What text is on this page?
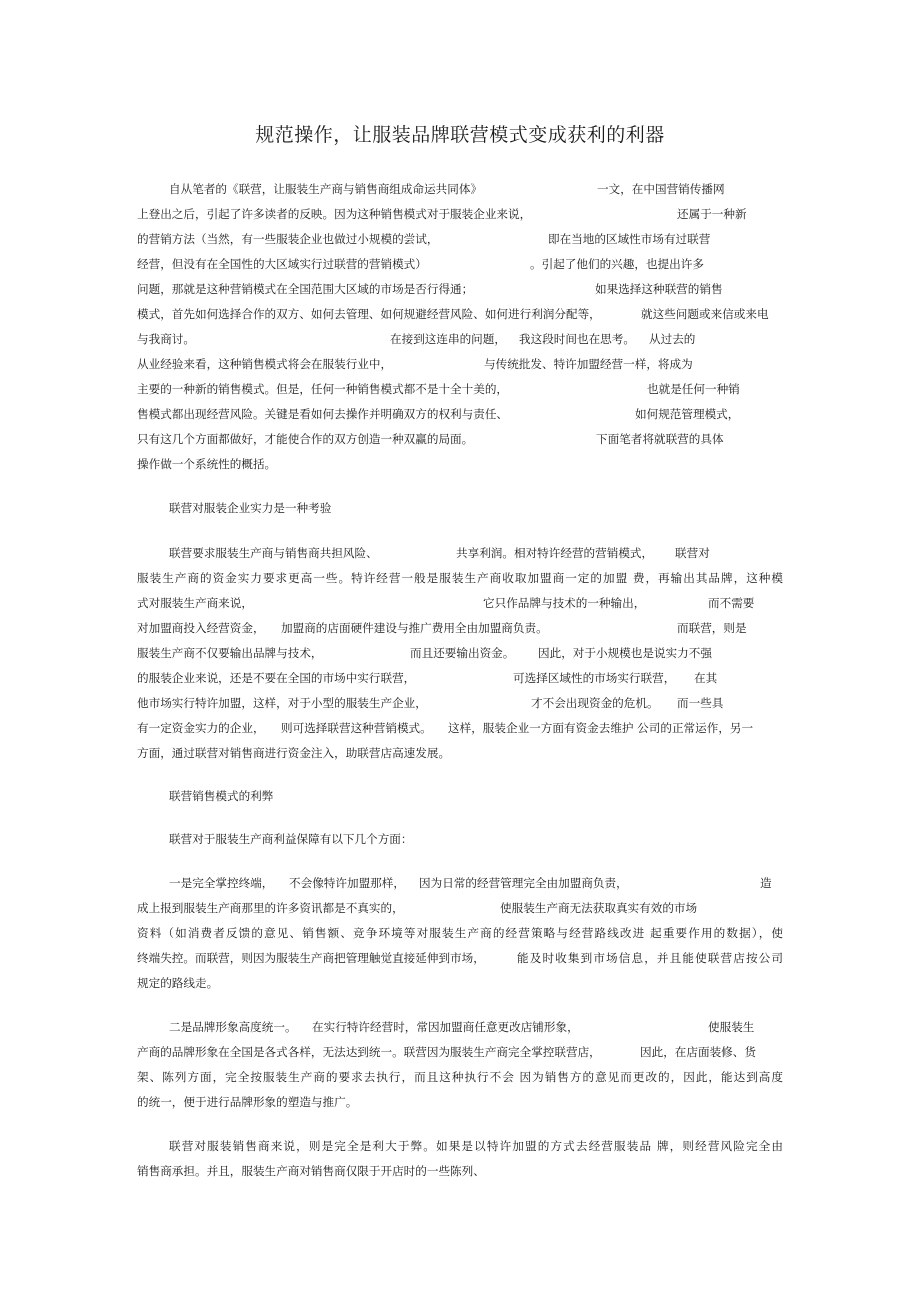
规范操作，让服装品牌联营模式变成获利的利器
自从笔者的《联营，让服装生产商与销售商组成命运共同体》	一文，在中国营销传播网
上登出之后，引起了许多读者的反映。因为这种销售模式对于服装企业来说，	还属于一种新
的营销方法（当然，有一些服装企业也做过小规模的尝试，	即在当地的区域性市场有过联营
经营，但没有在全国性的大区域实行过联营的营销模式）	。引起了他们的兴趣，也提出许多
问题，那就是这种营销模式在全国范围大区域的市场是否行得通；	如果选择这种联营的销售
模式，首先如何选择合作的双方、如何去管理、如何规避经营风险、如何进行利润分配等，	就这些问题或来信或来电
与我商讨。	在接到这连串的问题， 我这段时间也在思考。 从过去的
从业经验来看，这种销售模式将会在服装行业中，	与传统批发、特许加盟经营一样，将成为
主要的一种新的销售模式。但是，任何一种销售模式都不是十全十美的，	也就是任何一种销
售模式都出现经营风险。关键是看如何去操作并明确双方的权利与责任、	如何规范管理模式，
只有这几个方面都做好，才能使合作的双方创造一种双赢的局面。	下面笔者将就联营的具体
操作做一个系统性的概括。
联营对服装企业实力是一种考验
联营要求服装生产商与销售商共担风险、	共享利润。相对特许经营的营销模式， 联营对
服装生产商的资金实力要求更高一些。特许经营一般是服装生产商收取加盟商一定的加盟 费，再输出其品牌，这种模
式对服装生产商来说，	它只作品牌与技术的一种输出，	而不需要
对加盟商投入经营资金， 加盟商的店面硬件建设与推广费用全由加盟商负责。	而联营，则是
服装生产商不仅要输出品牌与技术，	而且还要输出资金。 因此，对于小规模也是说实力不强
的服装企业来说，还是不要在全国的市场中实行联营，	可选择区域性的市场实行联营， 在其
他市场实行特许加盟，这样，对于小型的服装生产企业，	才不会出现资金的危机。 而一些具
有一定资金实力的企业， 则可选择联营这种营销模式。 这样，服装企业一方面有资金去维护 公司的正常运作，另一
方面，通过联营对销售商进行资金注入，助联营店高速发展。
联营销售模式的利弊
联营对于服装生产商利益保障有以下几个方面：
一是完全掌控终端， 不会像特许加盟那样， 因为日常的经营管理完全由加盟商负责，	造
成上报到服装生产商那里的许多资讯都是不真实的，	使服装生产商无法获取真实有效的市场
资料（如消费者反馈的意见、销售额、竞争环境等对服装生产商的经营策略与经营路线改进 起重要作用的数据），使
终端失控。而联营，则因为服装生产商把管理触觉直接延伸到市场，	能及时收集到市场信息，并且能使联营店按公司
规定的路线走。
二是品牌形象高度统一。 在实行特许经营时，常因加盟商任意更改店铺形象，	使服装生
产商的品牌形象在全国是各式各样，无法达到统一。联营因为服装生产商完全掌控联营店，	因此，在店面装修、货
架、陈列方面，完全按服装生产商的要求去执行，而且这种执行不会 因为销售方的意见而更改的，因此，能达到高度
的统一，便于进行品牌形象的塑造与推广。
联营对服装销售商来说，则是完全是利大于弊。如果是以特许加盟的方式去经营服装品 牌，则经营风险完全由
销售商承担。并且，服装生产商对销售商仅限于开店时的一些陈列、
